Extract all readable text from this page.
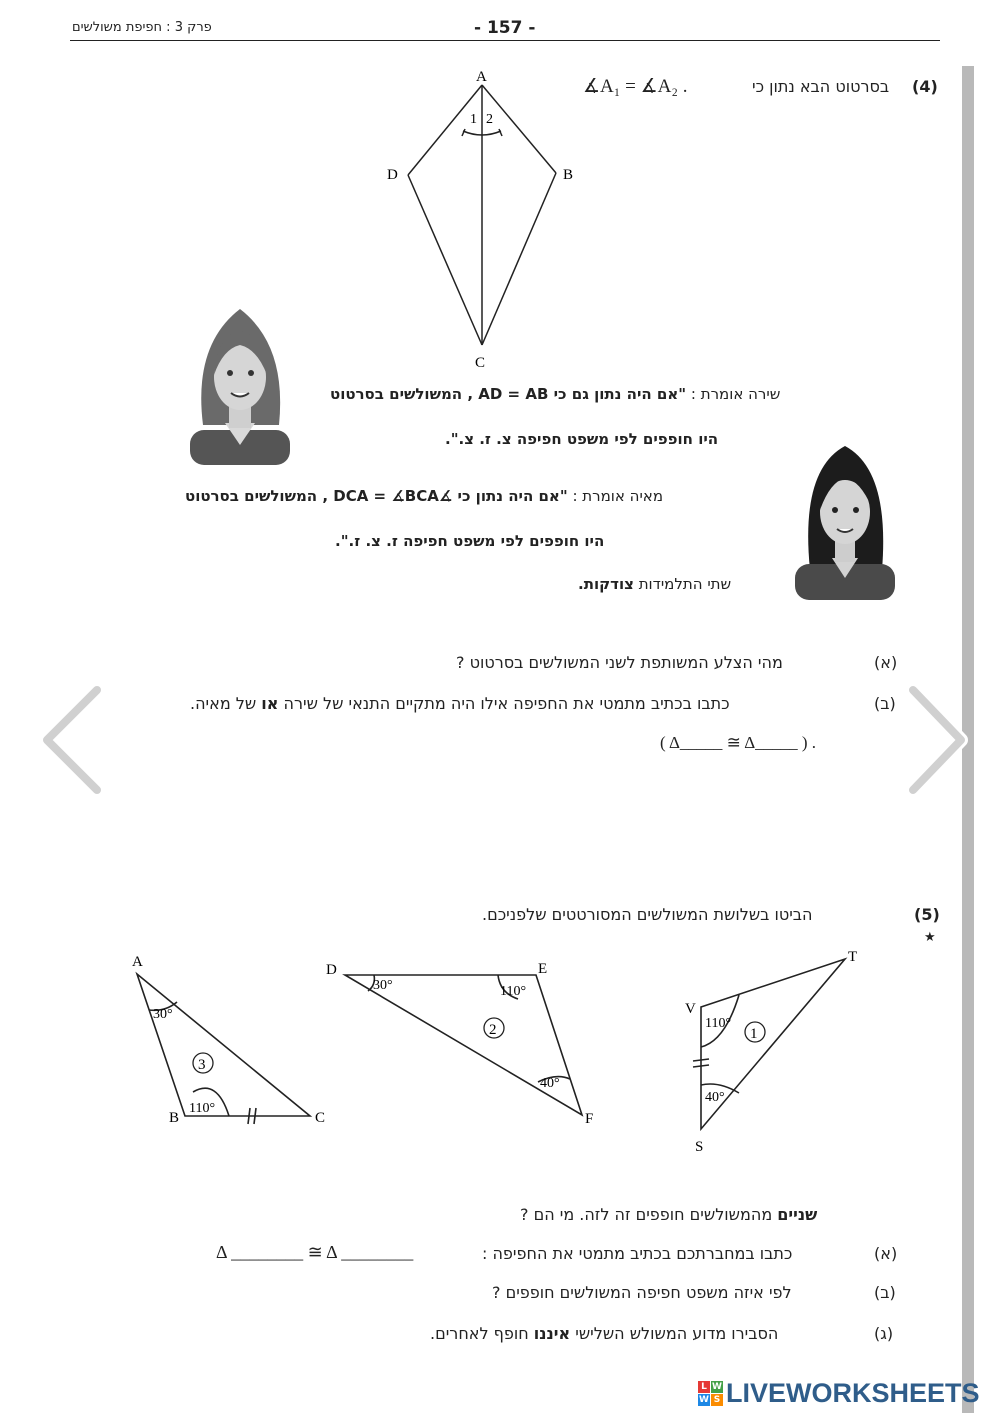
פרק 3 : חפיפת משולשים	- 157 -
(4)
בסרטוט הבא נתון כי
∡A₁ = ∡A₂ .
A
B
C
D
1 2
שירה אומרת : "אם היה נתון גם כי AD = AB , המשולשים בסרטוט
היו חופפים לפי משפט חפיפה צ. ז. צ.".
מאיה אומרת : "אם היה נתון כי ∡DCA = ∡BCA , המשולשים בסרטוט
היו חופפים לפי משפט חפיפה ז. צ. ז.".
שתי התלמידות צודקות.
(א)
מהי הצלע המשותפת לשני המשולשים בסרטוט ?
(ב)
כתבו בכתיב מתמטי את החפיפה אילו היה מתקיים התנאי של שירה או של מאיה.
( Δ_____ ≅ Δ_____ ) .
(5)
★
הביטו בשלושת המשולשים המסורטטים שלפניכם.
3
A
B	C
30°
110°
2
D	E
F
30°	110°
40°
1
T
V
S
110°
40°
שניים מהמשולשים חופפים זה לזה. מי הם ?
(א)
כתבו במחברתכם בכתיב מתמטי את החפיפה :
Δ ________ ≅ Δ ________
(ב)
לפי איזה משפט חפיפה המשולשים חופפים ?
(ג)
הסבירו מדוע המשולש השלישי איננו חופף לאחרים.
L W
W S LIVEWORKSHEETS
